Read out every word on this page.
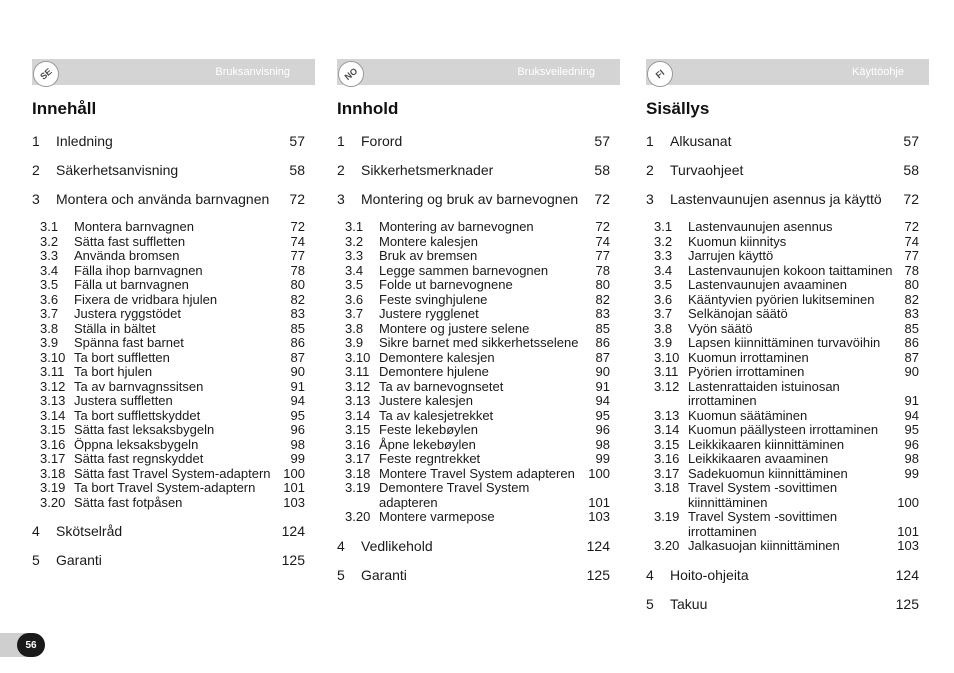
56
SE	Bruksanvisning
Innehåll
1 Inledning	57
2 Säkerhetsanvisning	58
3 Montera och använda barnvagnen 72
3.1 Montera barnvagnen	72
3.2 Sätta fast suffletten	74
3.3 Använda bromsen	77
3.4 Fälla ihop barnvagnen	78
3.5 Fälla ut barnvagnen	80
3.6 Fixera de vridbara hjulen	82
3.7 Justera ryggstödet	83
3.8 Ställa in bältet	85
3.9 Spänna fast barnet	86
3.10 Ta bort suffletten	87
3.11 Ta bort hjulen	90
3.12 Ta av barnvagnssitsen	91
3.13 Justera suffletten	94
3.14 Ta bort sufflettskyddet	95
3.15 Sätta fast leksaksbygeln	96
3.16 Öppna leksaksbygeln	98
3.17 Sätta fast regnskyddet	99
3.18 Sätta fast Travel System-adaptern 100
3.19 Ta bort Travel System-adaptern 101
3.20 Sätta fast fotpåsen	103
4 Skötselråd	124
5 Garanti	125
NO	Bruksveiledning
Innhold
1 Forord	57
2 Sikkerhetsmerknader	58
3 Montering og bruk av barnevognen 72
3.1 Montering av barnevognen	72
3.2 Montere kalesjen	74
3.3 Bruk av bremsen	77
3.4 Legge sammen barnevognen	78
3.5 Folde ut barnevognene	80
3.6 Feste svinghjulene	82
3.7 Justere rygglenet	83
3.8 Montere og justere selene	85
3.9 Sikre barnet med sikkerhetsselene 86
3.10 Demontere kalesjen	87
3.11 Demontere hjulene	90
3.12 Ta av barnevognsetet	91
3.13 Justere kalesjen	94
3.14 Ta av kalesjetrekket	95
3.15 Feste lekebøylen	96
3.16 Åpne lekebøylen	98
3.17 Feste regntrekket	99
3.18 Montere Travel System adapteren 100
3.19 Demontere Travel System
adapteren	101
3.20 Montere varmepose	103
4 Vedlikehold	124
5 Garanti	125
FI	Käyttöohje
Sisällys
1 Alkusanat	57
2 Turvaohjeet	58
3 Lastenvaunujen asennus ja käyttö 72
3.1 Lastenvaunujen asennus	72
3.2 Kuomun kiinnitys	74
3.3 Jarrujen käyttö	77
3.4 Lastenvaunujen kokoon taittaminen 78
3.5 Lastenvaunujen avaaminen	80
3.6 Kääntyvien pyörien lukitseminen 82
3.7 Selkänojan säätö	83
3.8 Vyön säätö	85
3.9 Lapsen kiinnittäminen turvavöihin 86
3.10 Kuomun irrottaminen	87
3.11 Pyörien irrottaminen	90
3.12 Lastenrattaiden istuinosan
irrottaminen	91
3.13 Kuomun säätäminen	94
3.14 Kuomun päällysteen irrottaminen 95
3.15 Leikkikaaren kiinnittäminen	96
3.16 Leikkikaaren avaaminen	98
3.17 Sadekuomun kiinnittäminen	99
3.18 Travel System -sovittimen
kiinnittäminen	100
3.19 Travel System -sovittimen
irrottaminen	101
3.20 Jalkasuojan kiinnittäminen	103
4 Hoito-ohjeita	124
5 Takuu	125
